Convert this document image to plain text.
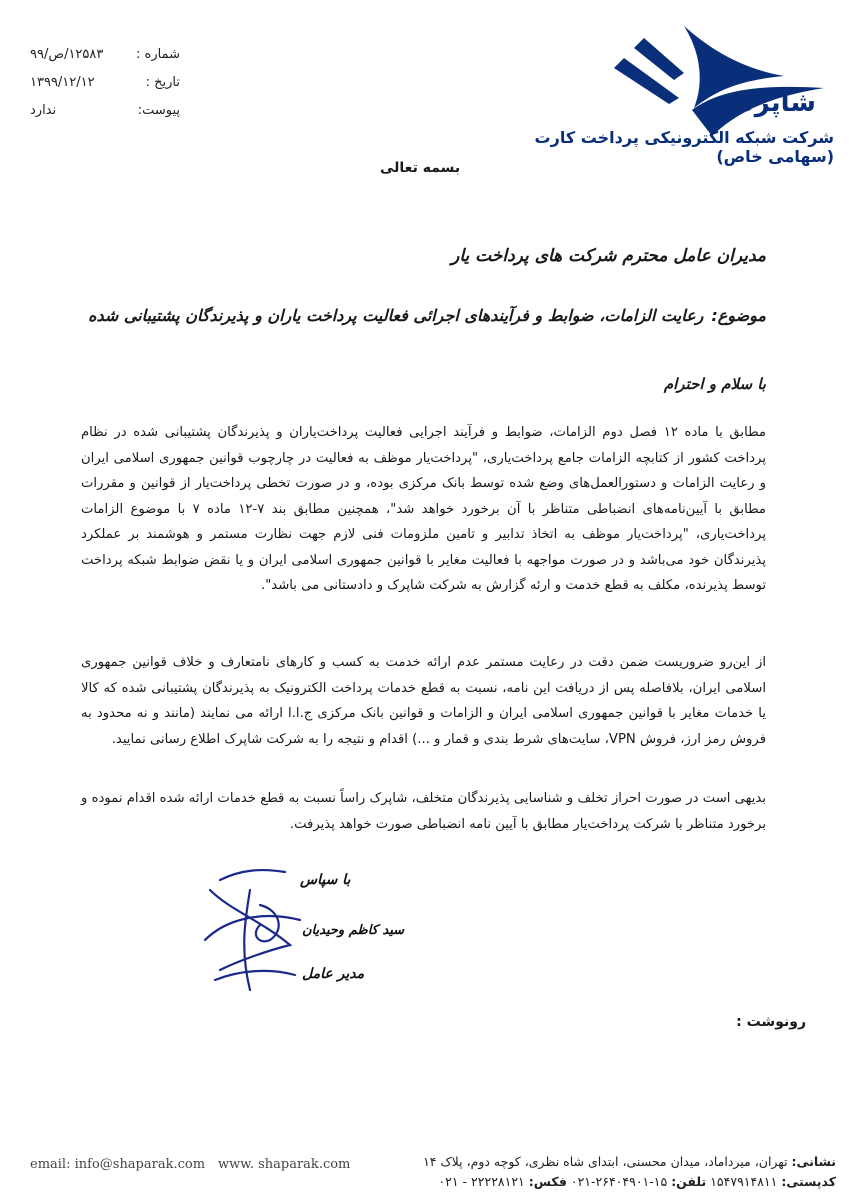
شماره :
۱۲۵۸۳/ص/۹۹
تاریخ :
۱۳۹۹/۱۲/۱۲
پیوست:
ندارد	شاپرک
شرکت شبکه الکترونیکی پرداخت کارت (سهامی خاص)
بسمه تعالی
مدیران عامل محترم شرکت های پرداخت یار
موضوع:
رعایت الزامات، ضوابط و فرآیندهای اجرائی فعالیت پرداخت یاران و پذیرندگان پشتیبانی شده
با سلام و احترام
مطابق با ماده ۱۲ فصل دوم الزامات، ضوابط و فرآیند اجرایی فعالیت پرداخت‌یاران و پذیرندگان پشتیبانی شده در نظام پرداخت کشور از کتابچه الزامات جامع پرداخت‌یاری، "پرداخت‌یار موظف به فعالیت در چارچوب قوانین جمهوری اسلامی ایران و رعایت الزامات و دستورالعمل‌های وضع شده توسط بانک مرکزی بوده، و در صورت تخطی پرداخت‌یار از قوانین و مقررات مطابق با آیین‌نامه‌های انضباطی متناظر با آن برخورد خواهد شد"، همچنین مطابق بند ۷-۱۲ ماده ۷ با موضوع الزامات پرداخت‌یاری، "پرداخت‌یار موظف به اتخاذ تدابیر و تامین ملزومات فنی لازم جهت نظارت مستمر و هوشمند بر عملکرد پذیرندگان خود می‌باشد و در صورت مواجهه با فعالیت مغایر با قوانین جمهوری اسلامی ایران و یا نقض ضوابط شبکه پرداخت توسط پذیرنده، مکلف به قطع خدمت و ارئه گزارش به شرکت شاپرک و دادستانی می باشد".
از این‌رو ضروریست ضمن دقت در رعایت مستمر عدم ارائه خدمت به کسب و کارهای نامتعارف و خلاف قوانین جمهوری اسلامی ایران، بلافاصله پس از دریافت این نامه، نسبت به قطع خدمات پرداخت الکترونیک به پذیرندگان پشتیبانی شده که کالا یا خدمات مغایر با قوانین جمهوری اسلامی ایران و الزامات و قوانین بانک مرکزی ج.ا.ا ارائه می نمایند (مانند و نه محدود به فروش رمز ارز، فروش VPN، سایت‌های شرط بندی و قمار و ...) اقدام و نتیجه را به شرکت شاپرک اطلاع رسانی نمایید.
بدیهی است در صورت احراز تخلف و شناسایی پذیرندگان متخلف، شاپرک راساً نسبت به قطع خدمات ارائه شده اقدام نموده و برخورد متناظر با شرکت پرداخت‌یار مطابق با آیین نامه انضباطی صورت خواهد پذیرفت.
با سپاس
سید کاظم وحیدیان
مدیر عامل
رونوشت :
email: info@shaparak.com www. shaparak.com	نشانی: تهران، میرداماد، میدان محسنی، ابتدای شاه نظری، کوچه دوم، پلاک ۱۴
کدپستی: ۱۵۴۷۹۱۴۸۱۱ تلفن: ۱۵-۲۶۴۰۴۹۰۱-۰۲۱ فکس: ۲۲۲۲۸۱۲۱ - ۰۲۱
